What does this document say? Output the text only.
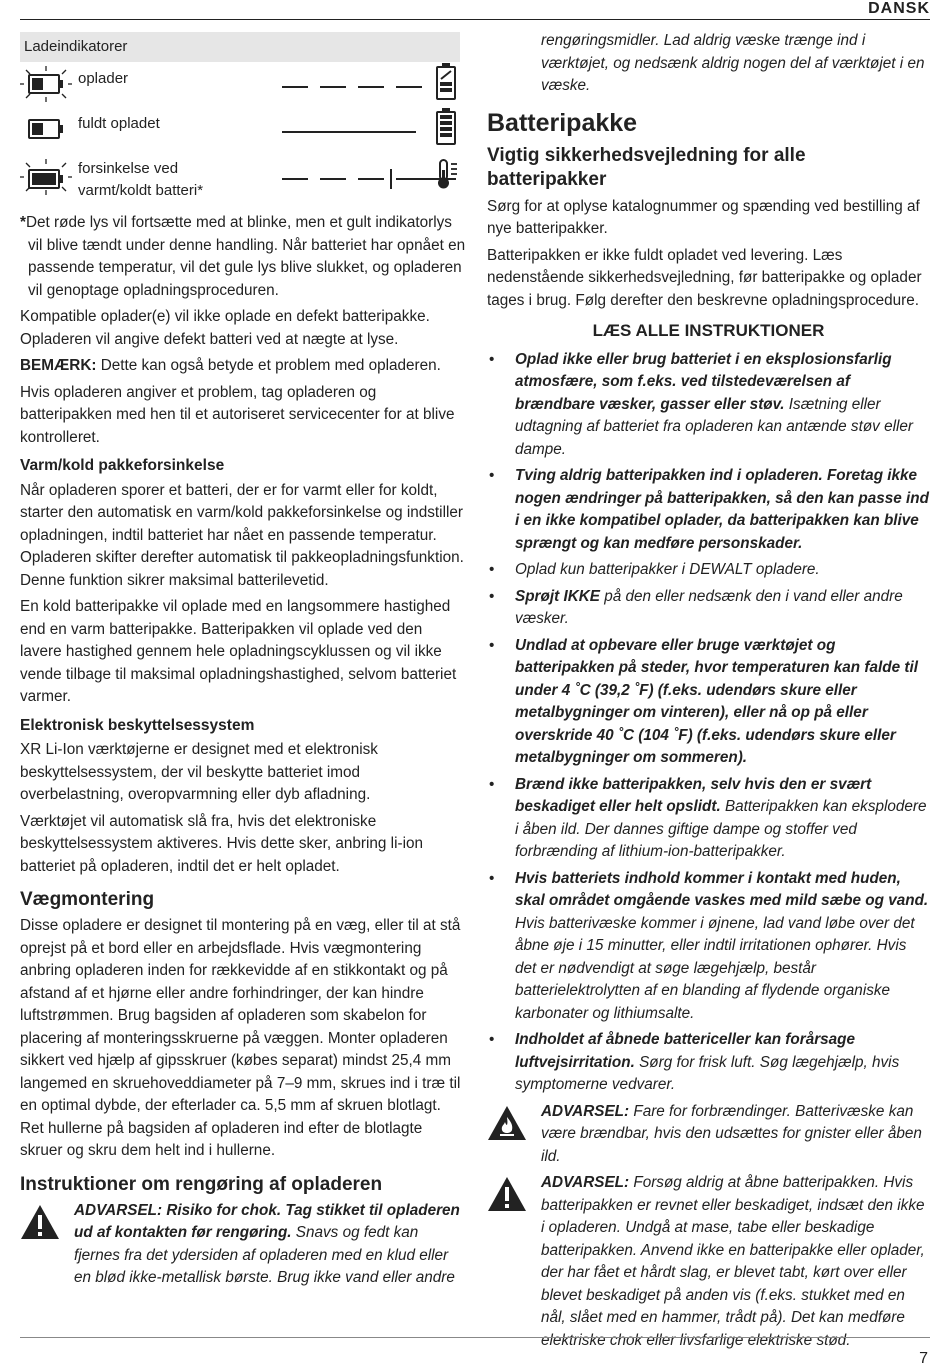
DANSK
Ladeindikatorer
oplader
fuldt opladet
forsinkelse ved
varmt/koldt batteri*

*Det røde lys vil fortsætte med at blinke, men et gult indikatorlys vil blive tændt under denne handling. Når batteriet har opnået en passende temperatur, vil det gule lys blive slukket, og opladeren vil genoptage opladningsproceduren.

Kompatible oplader(e) vil ikke oplade en defekt batteripakke. Opladeren vil angive defekt batteri ved at nægte at lyse.

BEMÆRK: Dette kan også betyde et problem med opladeren.

Hvis opladeren angiver et problem, tag opladeren og batteripakken med hen til et autoriseret servicecenter for at blive kontrolleret.

Varm/kold pakkeforsinkelse

Når opladeren sporer et batteri, der er for varmt eller for koldt, starter den automatisk en varm/kold pakkeforsinkelse og indstiller opladningen, indtil batteriet har nået en passende temperatur. Opladeren skifter derefter automatisk til pakkeopladningsfunktion. Denne funktion sikrer maksimal batterilevetid.

En kold batteripakke vil oplade med en langsommere hastighed end en varm batteripakke. Batteripakken vil oplade ved den lavere hastighed gennem hele opladningscyklussen og vil ikke vende tilbage til maksimal opladningshastighed, selvom batteriet varmer.

Elektronisk beskyttelsessystem

XR Li-Ion værktøjerne er designet med et elektronisk beskyttelsessystem, der vil beskytte batteriet imod overbelastning, overopvarmning eller dyb afladning.

Værktøjet vil automatisk slå fra, hvis det elektroniske beskyttelsessystem aktiveres. Hvis dette sker, anbring li-ion batteriet på opladeren, indtil det er helt opladet.

Vægmontering

Disse opladere er designet til montering på en væg, eller til at stå oprejst på et bord eller en arbejdsflade. Hvis vægmontering anbring opladeren inden for rækkevidde af en stikkontakt og på afstand af et hjørne eller andre forhindringer, der kan hindre luftstrømmen. Brug bagsiden af opladeren som skabelon for placering af monteringsskruerne på væggen. Monter opladeren sikkert ved hjælp af gipsskruer (købes separat) mindst 25,4 mm langemed en skruehoveddiameter på 7–9 mm, skrues ind i træ til en optimal dybde, der efterlader ca. 5,5 mm af skruen blotlagt. Ret hullerne på bagsiden af opladeren ind efter de blotlagte skruer og skru dem helt ind i hullerne.

Instruktioner om rengøring af opladeren
ADVARSEL: Risiko for chok. Tag stikket til opladeren ud af kontakten før rengøring. Snavs og fedt kan fjernes fra det ydersiden af opladeren med en klud eller en blød ikke-metallisk børste. Brug ikke vand eller andre

rengøringsmidler. Lad aldrig væske trænge ind i værktøjet, og nedsænk aldrig nogen del af værktøjet i en væske.

Batteripakke
Vigtig sikkerhedsvejledning for alle batteripakker

Sørg for at oplyse katalognummer og spænding ved bestilling af nye batteripakker.

Batteripakken er ikke fuldt opladet ved levering. Læs nedenstående sikkerhedsvejledning, før batteripakke og oplader tages i brug. Følg derefter den beskrevne opladningsprocedure.

LÆS ALLE INSTRUKTIONER
• Oplad ikke eller brug batteriet i en eksplosionsfarlig atmosfære, som f.eks. ved tilstedeværelsen af brændbare væsker, gasser eller støv. Isætning eller udtagning af batteriet fra opladeren kan antænde støv eller dampe.
• Tving aldrig batteripakken ind i opladeren. Foretag ikke nogen ændringer på batteripakken, så den kan passe ind i en ikke kompatibel oplader, da batteripakken kan blive sprængt og kan medføre personskader.
• Oplad kun batteripakker i DEWALT opladere.
• Sprøjt IKKE på den eller nedsænk den i vand eller andre væsker.
• Undlad at opbevare eller bruge værktøjet og batteripakken på steder, hvor temperaturen kan falde til under 4 ˚C (39,2 ˚F) (f.eks. udendørs skure eller metalbygninger om vinteren), eller nå op på eller overskride 40 ˚C (104 ˚F) (f.eks. udendørs skure eller metalbygninger om sommeren).
• Brænd ikke batteripakken, selv hvis den er svært beskadiget eller helt opslidt. Batteripakken kan eksplodere i åben ild. Der dannes giftige dampe og stoffer ved forbrænding af lithium-ion-batteripakker.
• Hvis batteriets indhold kommer i kontakt med huden, skal området omgående vaskes med mild sæbe og vand. Hvis batterivæske kommer i øjnene, lad vand løbe over det åbne øje i 15 minutter, eller indtil irritationen ophører. Hvis det er nødvendigt at søge lægehjælp, består batterielektrolytten af en blanding af flydende organiske karbonater og lithiumsalte.
• Indholdet af åbnede battericeller kan forårsage luftvejsirritation. Sørg for frisk luft. Søg lægehjælp, hvis symptomerne vedvarer.
ADVARSEL: Fare for forbrændinger. Batterivæske kan være brændbar, hvis den udsættes for gnister eller åben ild.
ADVARSEL: Forsøg aldrig at åbne batteripakken. Hvis batteripakken er revnet eller beskadiget, indsæt den ikke i opladeren. Undgå at mase, tabe eller beskadige batteripakken. Anvend ikke en batteripakke eller oplader, der har fået et hårdt slag, er blevet tabt, kørt over eller blevet beskadiget på anden vis (f.eks. stukket med en nål, slået med en hammer, trådt på). Det kan medføre elektriske chok eller livsfarlige elektriske stød.
7
